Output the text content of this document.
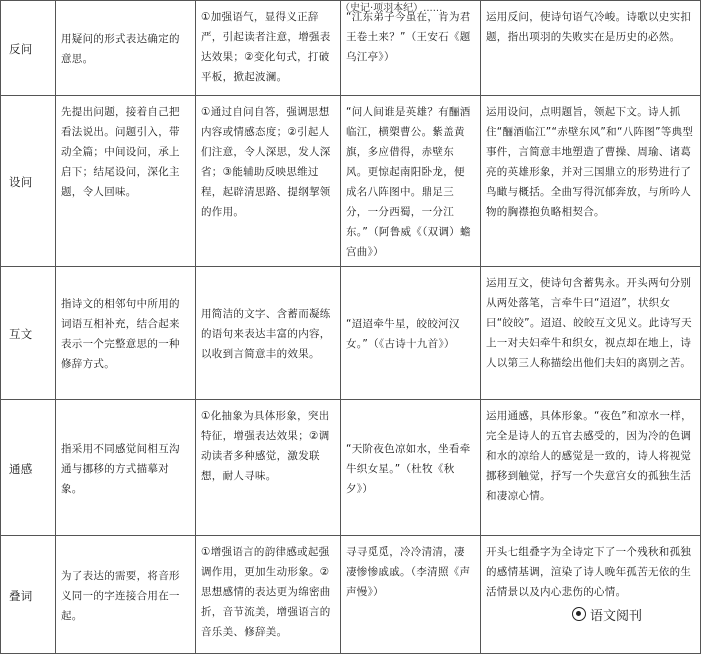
（史记·项羽本纪）......
反问	用疑问的形式表达确定的意思。	①加强语气，显得义正辞严，引起读者注意，增强表达效果；②变化句式，打破平板，掀起波澜。	“江东弟子今虽在，肯为君王卷土来？”（王安石《题乌江亭》）	运用反问，使诗句语气冷峻。诗歌以史实扣题，指出项羽的失败实在是历史的必然。
设问	先提出问题，接着自己把看法说出。问题引入，带动全篇；中间设问，承上启下；结尾设问，深化主题，令人回味。	①通过自问自答，强调思想内容或情感态度；②引起人们注意，令人深思，发人深省；③能辅助反映思维过程，起辟清思路、提纲挈领的作用。	“问人间谁是英雄？有酾酒临江，横槊曹公。紫盖黄旗，多应借得，赤壁东风。更惊起南阳卧龙，便成名八阵图中。鼎足三分，一分西蜀，一分江东。”（阿鲁威《（双调）蟾宫曲》）	运用设问，点明题旨，领起下文。诗人抓住“酾酒临江”“赤壁东风”和“八阵图”等典型事件，言简意丰地塑造了曹操、周瑜、诸葛亮的英雄形象，并对三国鼎立的形势进行了鸟瞰与概括。全曲写得沉郁奔放，与所吟人物的胸襟抱负略相契合。
互文	指诗文的相邻句中所用的词语互相补充，结合起来表示一个完整意思的一种修辞方式。	用简洁的文字、含蓄而凝练的语句来表达丰富的内容，以收到言简意丰的效果。	“迢迢牵牛星，皎皎河汉女。”（《古诗十九首》）	运用互文，使诗句含蓄隽永。开头两句分别从两处落笔，言牵牛曰“迢迢”，状织女曰“皎皎”。迢迢、皎皎互文见义。此诗写天上一对夫妇牵牛和织女，视点却在地上，诗人以第三人称描绘出他们夫妇的离别之苦。
通感	指采用不同感觉间相互沟通与挪移的方式描摹对象。	①化抽象为具体形象，突出特征，增强表达效果；②调动读者多种感觉，激发联想，耐人寻味。	“天阶夜色凉如水，坐看牵牛织女星。”（杜牧《秋夕》）	运用通感，具体形象。“夜色”和凉水一样，完全是诗人的五官去感受的，因为冷的色调和水的凉给人的感觉是一致的，诗人将视觉挪移到触觉，抒写一个失意宫女的孤独生活和凄凉心情。
叠词	为了表达的需要，将音形义同一的字连接合用在一起。	①增强语言的韵律感或起强调作用，更加生动形象。②思想感情的表达更为绵密曲折，音节流美，增强语言的音乐美、修辞美。	寻寻觅觅，冷冷清清，凄凄惨惨戚戚。（李清照《声声慢》）	开头七组叠字为全诗定下了一个残秋和孤独的感情基调，渲染了诗人晚年孤苦无依的生活情景以及内心悲伤的心情。
语文阅刊
